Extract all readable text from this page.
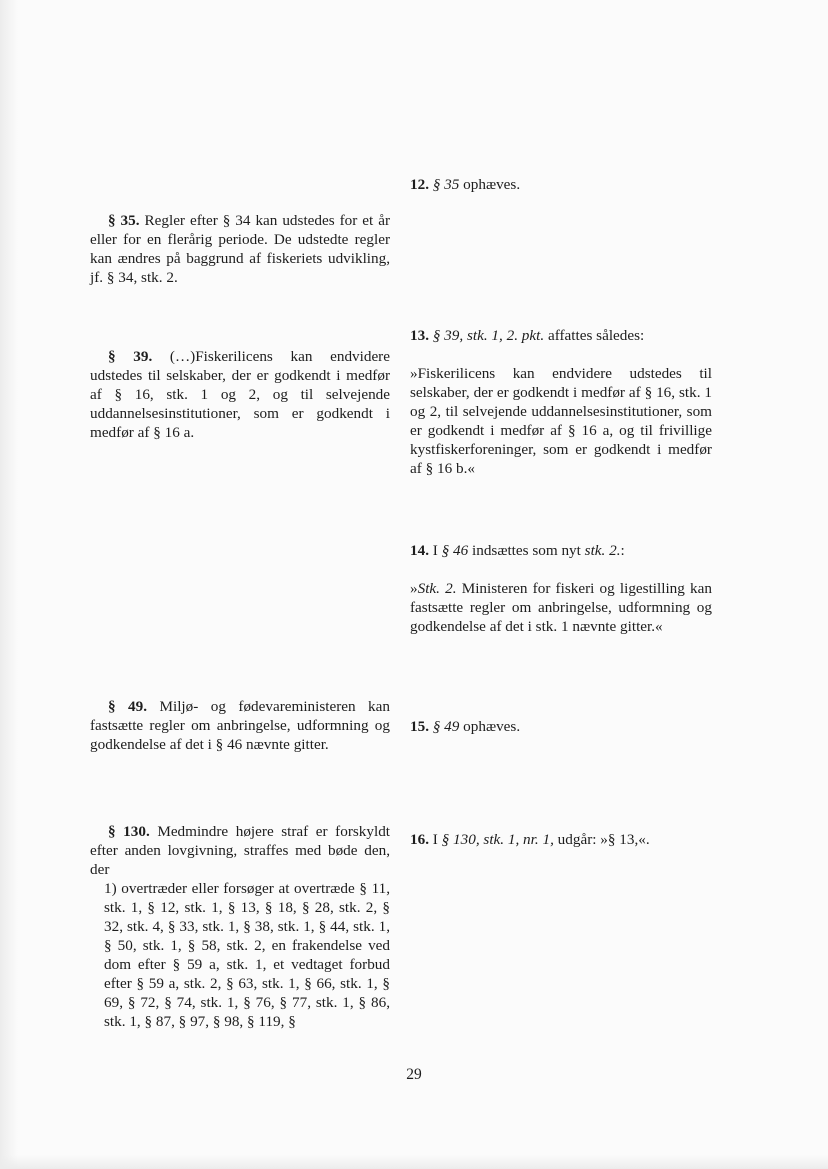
12. § 35 ophæves.

§ 35. Regler efter § 34 kan udstedes for et år eller for en flerårig periode. De udstedte regler kan ændres på baggrund af fiskeriets udvikling, jf. § 34, stk. 2.

13. § 39, stk. 1, 2. pkt. affattes således:

»Fiskerilicens kan endvidere udstedes til selskaber, der er godkendt i medfør af § 16, stk. 1 og 2, til selvejende uddannelsesinstitutioner, som er godkendt i medfør af § 16 a, og til frivillige kystfiskerforeninger, som er godkendt i medfør af § 16 b.«

§ 39. (…)Fiskerilicens kan endvidere udstedes til selskaber, der er godkendt i medfør af § 16, stk. 1 og 2, og til selvejende uddannelsesinstitutioner, som er godkendt i medfør af § 16 a.

14. I § 46 indsættes som nyt stk. 2.:

»Stk. 2. Ministeren for fiskeri og ligestilling kan fastsætte regler om anbringelse, udformning og godkendelse af det i stk. 1 nævnte gitter.«

§ 49. Miljø- og fødevareministeren kan fastsætte regler om anbringelse, udformning og godkendelse af det i § 46 nævnte gitter.

15. § 49 ophæves.

§ 130. Medmindre højere straf er forskyldt efter anden lovgivning, straffes med bøde den, der

1) overtræder eller forsøger at overtræde § 11, stk. 1, § 12, stk. 1, § 13, § 18, § 28, stk. 2, § 32, stk. 4, § 33, stk. 1, § 38, stk. 1, § 44, stk. 1, § 50, stk. 1, § 58, stk. 2, en frakendelse ved dom efter § 59 a, stk. 1, et vedtaget forbud efter § 59 a, stk. 2, § 63, stk. 1, § 66, stk. 1, § 69, § 72, § 74, stk. 1, § 76, § 77, stk. 1, § 86, stk. 1, § 87, § 97, § 98, § 119, §

16. I § 130, stk. 1, nr. 1, udgår: »§ 13,«.

29
